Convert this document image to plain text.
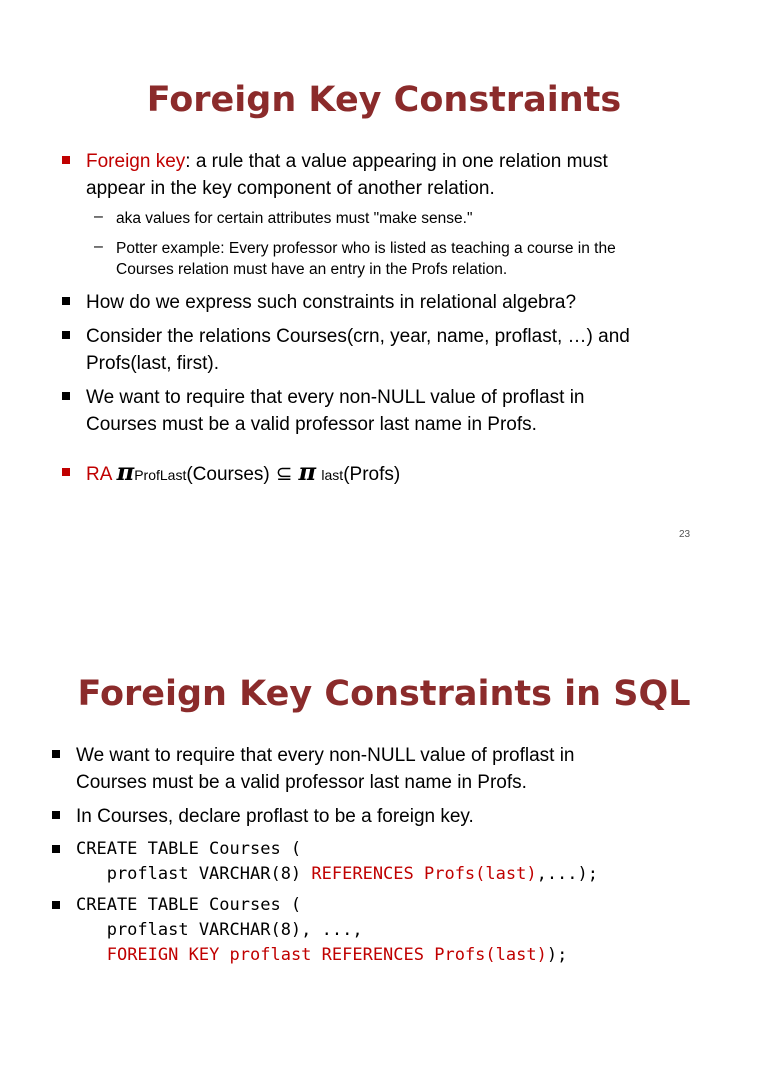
Foreign Key Constraints
Foreign key: a rule that a value appearing in one relation must
appear in the key component of another relation.
– aka values for certain attributes must "make sense."
– Potter example: Every professor who is listed as teaching a course in the
Courses relation must have an entry in the Profs relation.
How do we express such constraints in relational algebra?
Consider the relations Courses(crn, year, name, proflast, …) and
Profs(last, first).
We want to require that every non-NULL value of proflast in
Courses must be a valid professor last name in Profs.
RA πProfLast(Courses) ⊆ π last(Profs)
23
Foreign Key Constraints in SQL
We want to require that every non-NULL value of proflast in
Courses must be a valid professor last name in Profs.
In Courses, declare proflast to be a foreign key.
CREATE TABLE Courses (
proflast VARCHAR(8) REFERENCES Profs(last),...);
CREATE TABLE Courses (
proflast VARCHAR(8), ...,
FOREIGN KEY proflast REFERENCES Profs(last));
